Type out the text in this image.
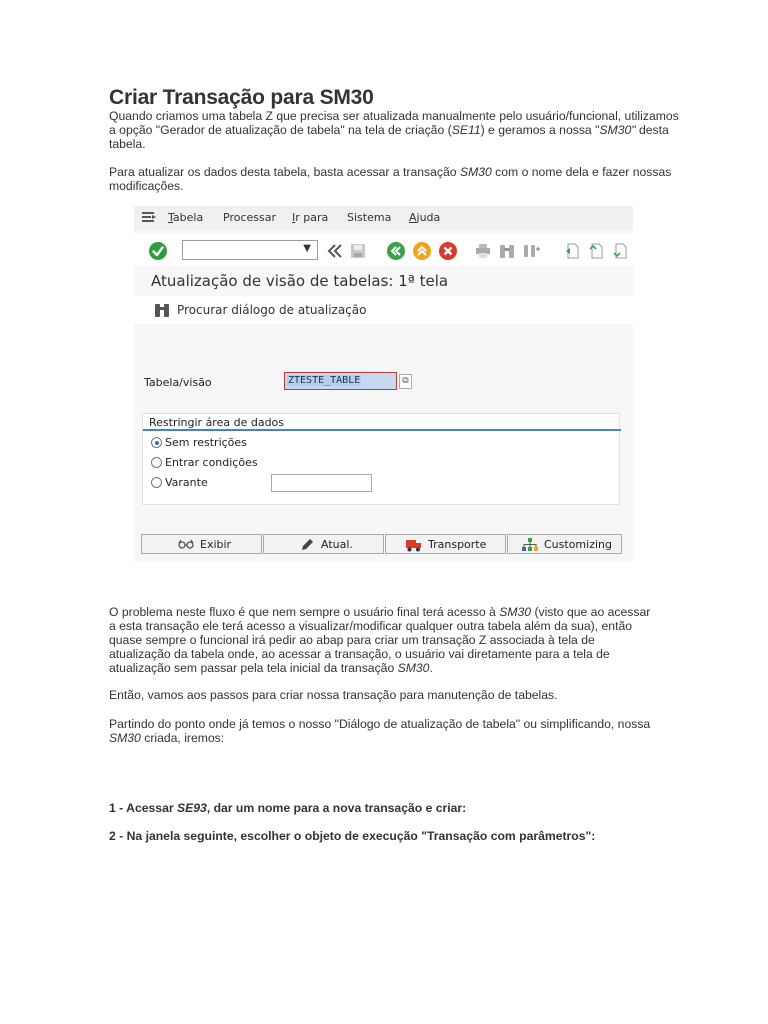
Criar Transação para SM30

Quando criamos uma tabela Z que precisa ser atualizada manualmente pelo usuário/funcional, utilizamos a opção "Gerador de atualização de tabela" na tela de criação (SE11) e geramos a nossa "SM30" desta tabela.

Para atualizar os dados desta tabela, basta acessar a transação SM30 com o nome dela e fazer nossas modificações.

Tabela Processar Ir para Sistema Ajuda
▼
Atualização de visão de tabelas: 1ª tela
Procurar diálogo de atualização
Tabela/visão	ZTESTE_TABLE	⧉
Restringir área de dados
Sem restrições
Entrar condições
Varante
Exibir	Atual.	Transporte	Customizing

O problema neste fluxo é que nem sempre o usuário final terá acesso à SM30 (visto que ao acessar a esta transação ele terá acesso a visualizar/modificar qualquer outra tabela além da sua), então quase sempre o funcional irá pedir ao abap para criar um transação Z associada à tela de atualização da tabela onde, ao acessar a transação, o usuário vai diretamente para a tela de atualização sem passar pela tela inicial da transação SM30.

Então, vamos aos passos para criar nossa transação para manutenção de tabelas.

Partindo do ponto onde já temos o nosso "Diálogo de atualização de tabela" ou simplificando, nossa SM30 criada, iremos:

1 - Acessar SE93, dar um nome para a nova transação e criar:

2 - Na janela seguinte, escolher o objeto de execução "Transação com parâmetros":
